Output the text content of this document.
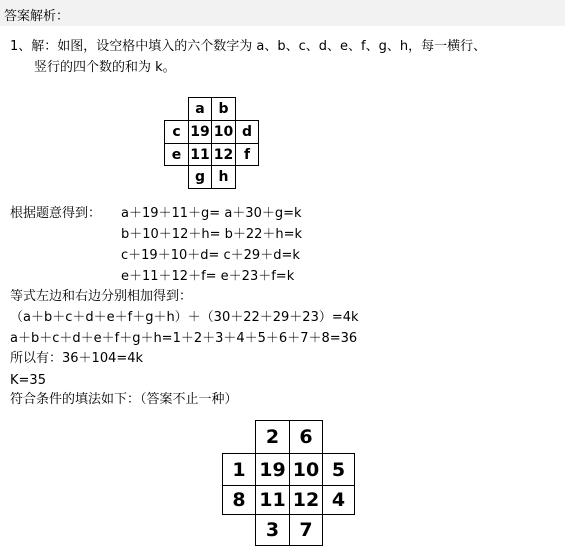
答案解析：
1、解：如图，设空格中填入的六个数字为 a、b、c、d、e、f、g、h，每一横行、
竖行的四个数的和为 k。
a b
c 19 10 d
e 11 12 f
g h
根据题意得到： a＋19＋11＋g= a＋30＋g=k
b＋10＋12＋h= b＋22＋h=k
c＋19＋10＋d= c＋29＋d=k
e＋11＋12＋f= e＋23＋f=k
等式左边和右边分别相加得到：
（a＋b＋c＋d＋e＋f＋g＋h）＋（30＋22＋29＋23）=4k
a＋b＋c＋d＋e＋f＋g＋h=1＋2＋3＋4＋5＋6＋7＋8=36
所以有：36＋104=4k
K=35
符合条件的填法如下：（答案不止一种）
2	6
1 19 10 5
8 11 12 4
3	7
